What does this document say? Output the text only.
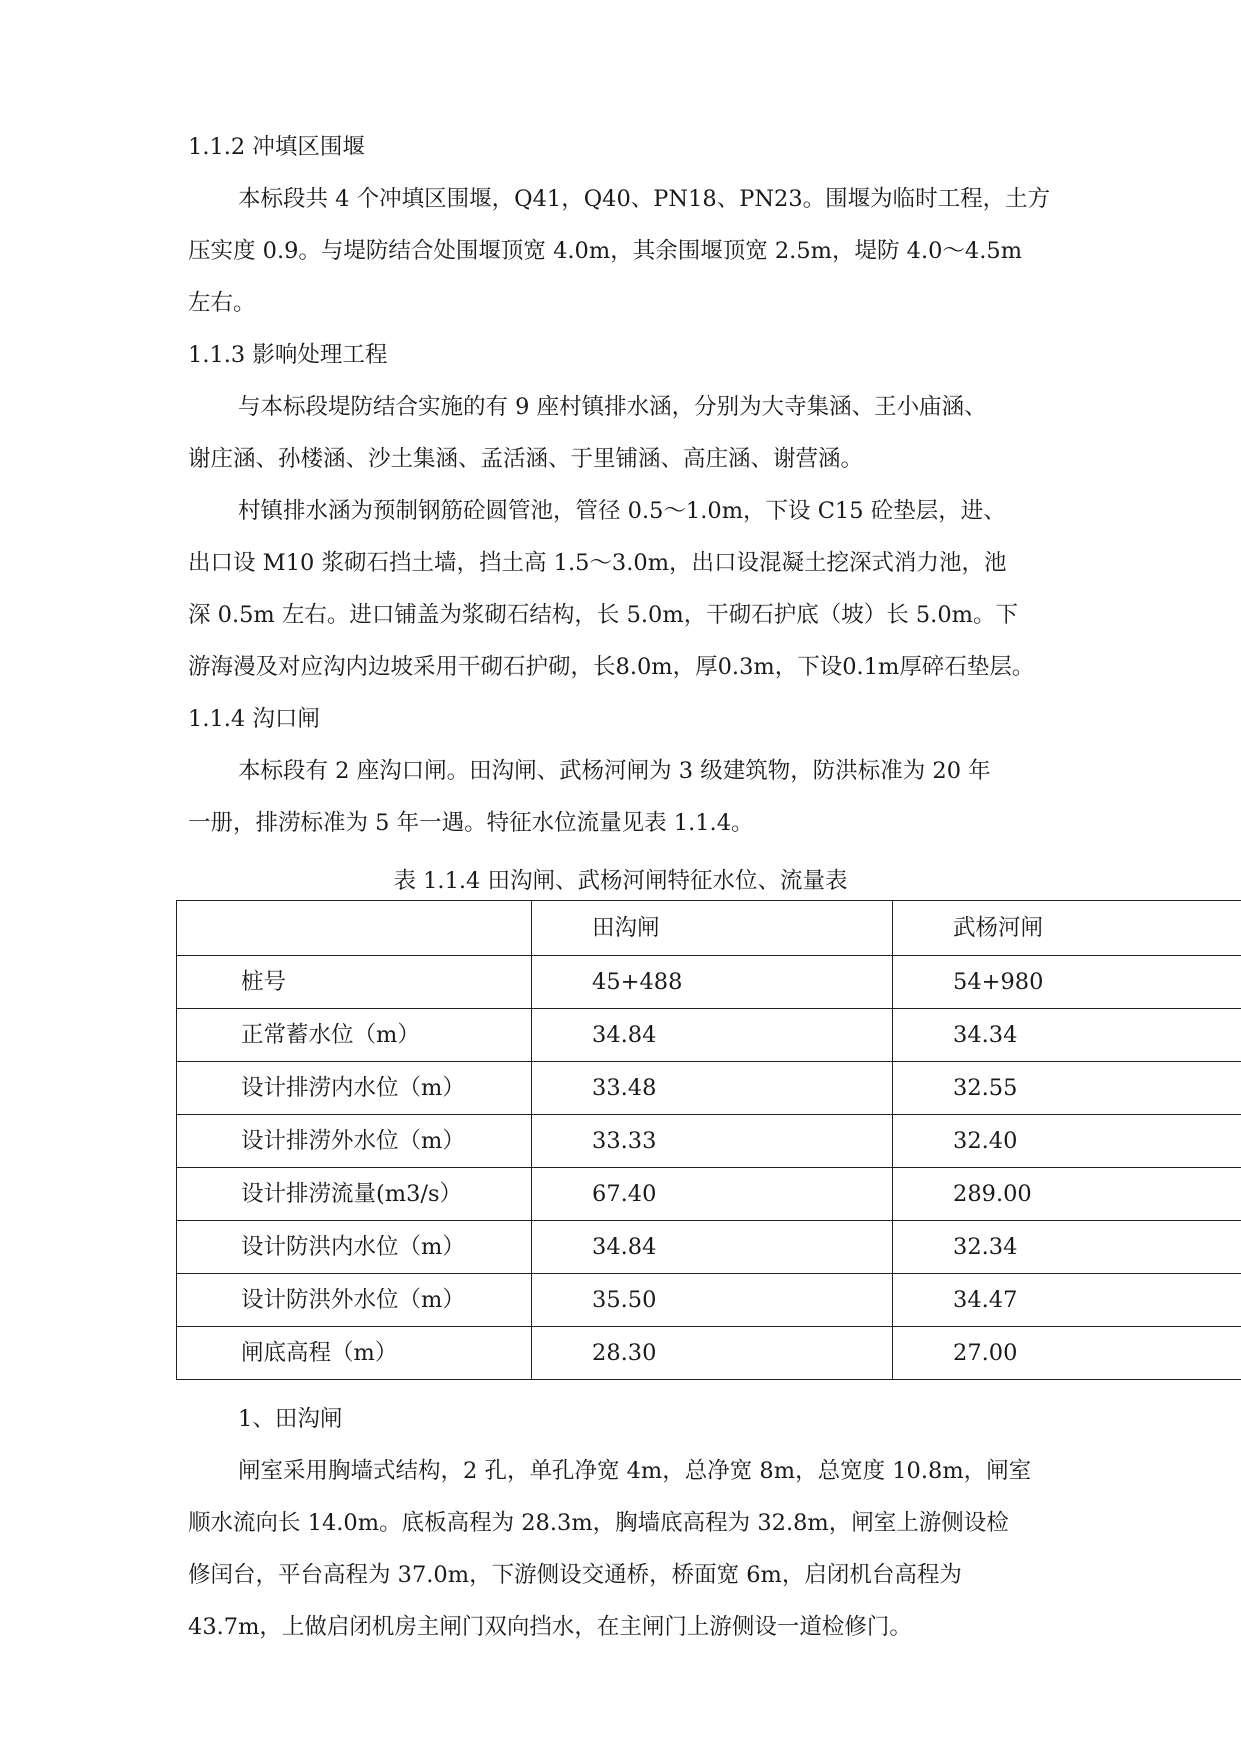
1.1.2 冲填区围堰
本标段共 4 个冲填区围堰，Q41，Q40、PN18、PN23。围堰为临时工程，土方
压实度 0.9。与堤防结合处围堰顶宽 4.0m，其余围堰顶宽 2.5m，堤防 4.0～4.5m
左右。
1.1.3 影响处理工程
与本标段堤防结合实施的有 9 座村镇排水涵，分别为大寺集涵、王小庙涵、
谢庄涵、孙楼涵、沙土集涵、孟活涵、于里铺涵、高庄涵、谢营涵。
村镇排水涵为预制钢筋砼圆管池，管径 0.5～1.0m，下设 C15 砼垫层，进、
出口设 M10 浆砌石挡土墙，挡土高 1.5～3.0m，出口设混凝土挖深式消力池，池
深 0.5m 左右。进口铺盖为浆砌石结构，长 5.0m，干砌石护底（坡）长 5.0m。下
游海漫及对应沟内边坡采用干砌石护砌，长8.0m，厚0.3m，下设0.1m厚碎石垫层。
1.1.4 沟口闸
本标段有 2 座沟口闸。田沟闸、武杨河闸为 3 级建筑物，防洪标准为 20 年
一册，排涝标准为 5 年一遇。特征水位流量见表 1.1.4。
表 1.1.4 田沟闸、武杨河闸特征水位、流量表
	田沟闸	武杨河闸
桩号	45+488	54+980
正常蓄水位（m）	34.84	34.34
设计排涝内水位（m）	33.48	32.55
设计排涝外水位（m）	33.33	32.40
设计排涝流量(m3/s）	67.40	289.00
设计防洪内水位（m）	34.84	32.34
设计防洪外水位（m）	35.50	34.47
闸底高程（m）	28.30	27.00
1、田沟闸
闸室采用胸墙式结构，2 孔，单孔净宽 4m，总净宽 8m，总宽度 10.8m，闸室
顺水流向长 14.0m。底板高程为 28.3m，胸墙底高程为 32.8m，闸室上游侧设检
修闰台，平台高程为 37.0m，下游侧设交通桥，桥面宽 6m，启闭机台高程为
43.7m，上做启闭机房主闸门双向挡水，在主闸门上游侧设一道检修门。
